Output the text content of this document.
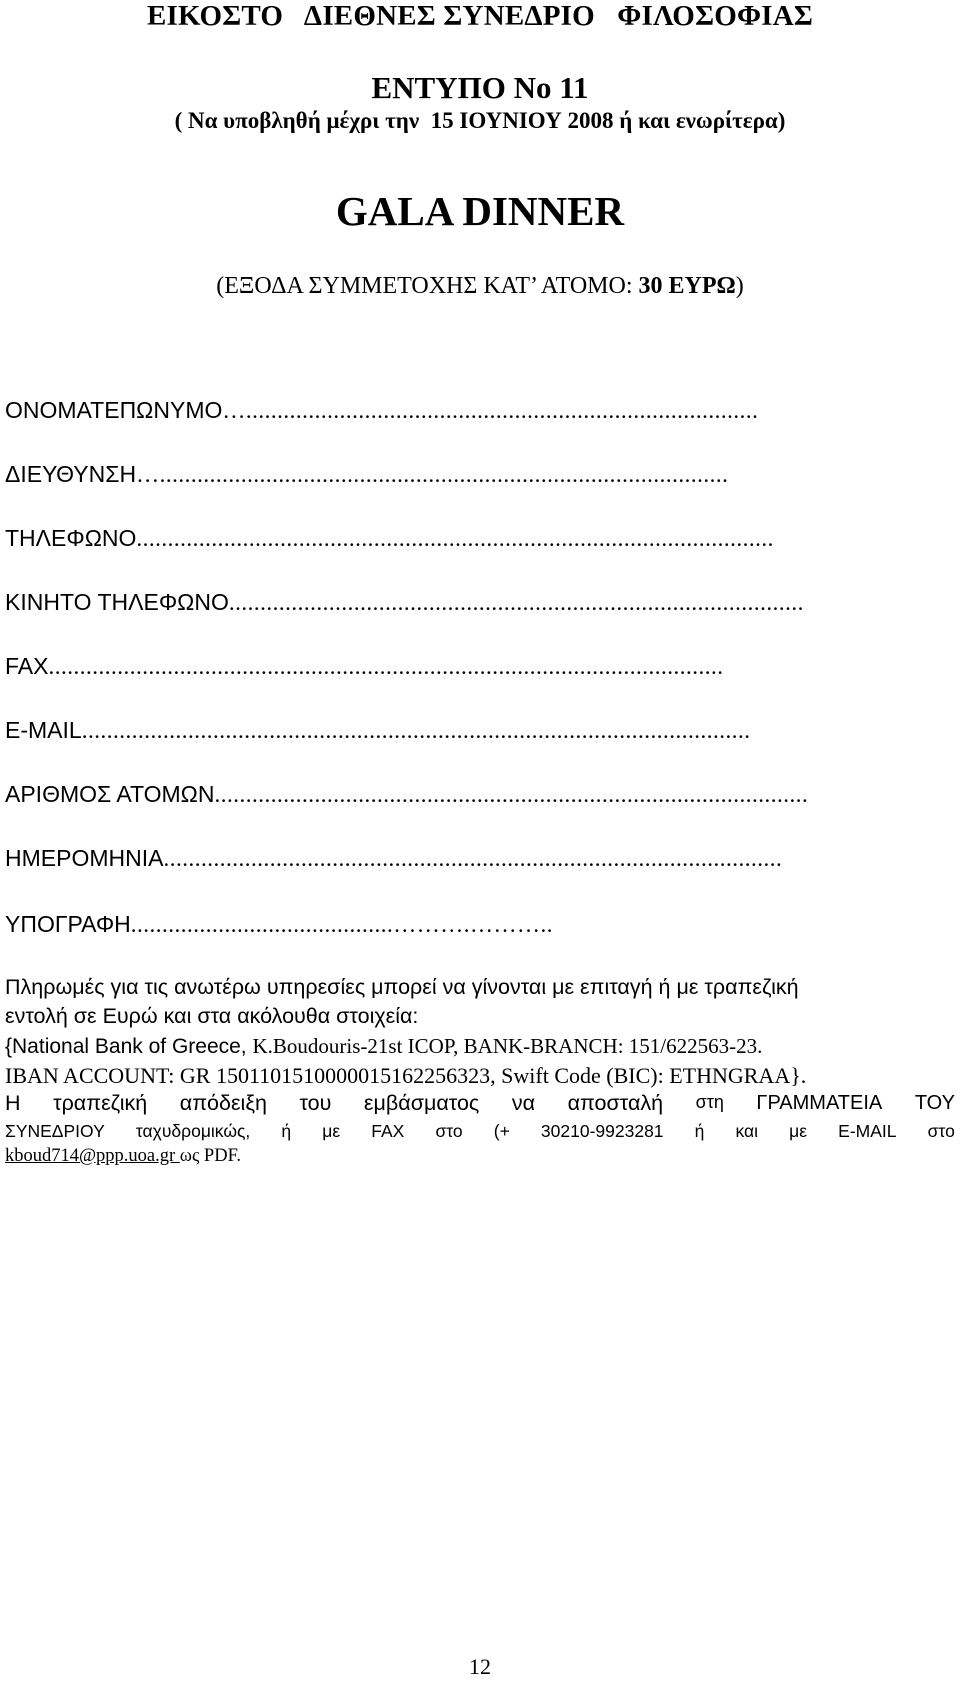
ΕΙΚΟΣΤΟ   ΔΙΕΘΝΕΣ ΣΥΝΕΔΡΙΟ   ΦΙΛΟΣΟΦΙΑΣ
ΕΝΤΥΠΟ No 11
( Να υποβληθή μέχρι την  15 ΙΟΥΝΙΟΥ 2008 ή και ενωρίτερα)
GALA DINNER
(ΕΞΟΔΑ ΣΥΜΜΕΤΟΧΗΣ ΚΑΤ’ ΑΤΟΜΟ: 30 ΕΥΡΩ)
ΟΝΟΜΑΤΕΠΩΝΥΜΟ…..................................................................................
ΔΙΕΥΘΥΝΣΗ…...........................................................................................
ΤΗΛΕΦΩΝΟ......................................................................................................
ΚΙΝΗΤΟ ΤΗΛΕΦΩΝΟ............................................................................................
FAX............................................................................................................
E-MAIL...........................................................................................................
ΑΡΙΘΜΟΣ ΑΤΟΜΩΝ...............................................................................................
ΗΜΕΡΟΜΗΝΙΑ...................................................................................................
ΥΠΟΓΡΑΦΗ..........................................……….………..
Πληρωμές για τις ανωτέρω υπηρεσίες μπορεί να γίνονται με επιταγή ή με τραπεζική
εντολή σε Ευρώ και στα ακόλουθα στοιχεία:
{National Bank of Greece, K.Boudouris-21st ICOP, BANK-BRANCH: 151/622563-23.
IBAN ACCOUNT: GR 1501101510000015162256323, Swift Code (BIC): ETHNGRAA}.
Η τραπεζική απόδειξη του εμβάσματος να αποσταλή στη ΓΡΑΜΜΑΤΕΙΑ ΤΟΥ
ΣΥΝΕΔΡΙΟΥ ταχυδρομικώς, ή με FAX στο (+ 30210-9923281 ή και με E-MAIL στο
kboud714@ppp.uoa.gr ως PDF.
12
